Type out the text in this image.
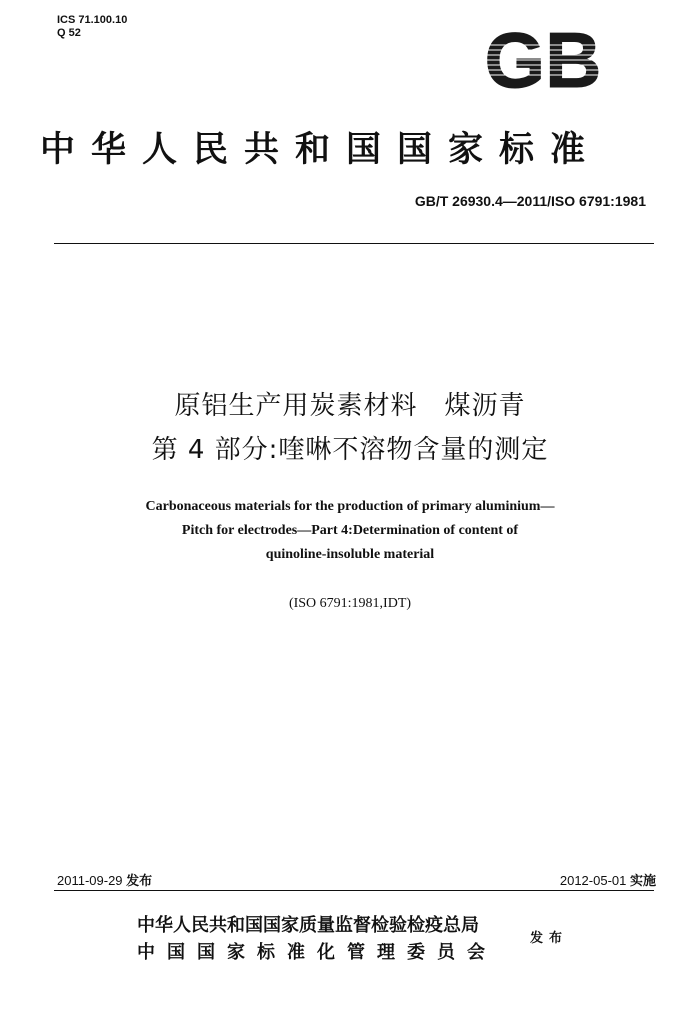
ICS 71.100.10
Q 52	GB
中华人民共和国国家标准
GB/T 26930.4—2011/ISO 6791:1981
原铝生产用炭素材料　煤沥青
第 4 部分:喹啉不溶物含量的测定
Carbonaceous materials for the production of primary aluminium—
Pitch for electrodes—Part 4:Determination of content of
quinoline-insoluble material
(ISO 6791:1981,IDT)
2011-09-29 发布	2012-05-01 实施
中华人民共和国国家质量监督检验检疫总局
中国国家标准化管理委员会
发布
